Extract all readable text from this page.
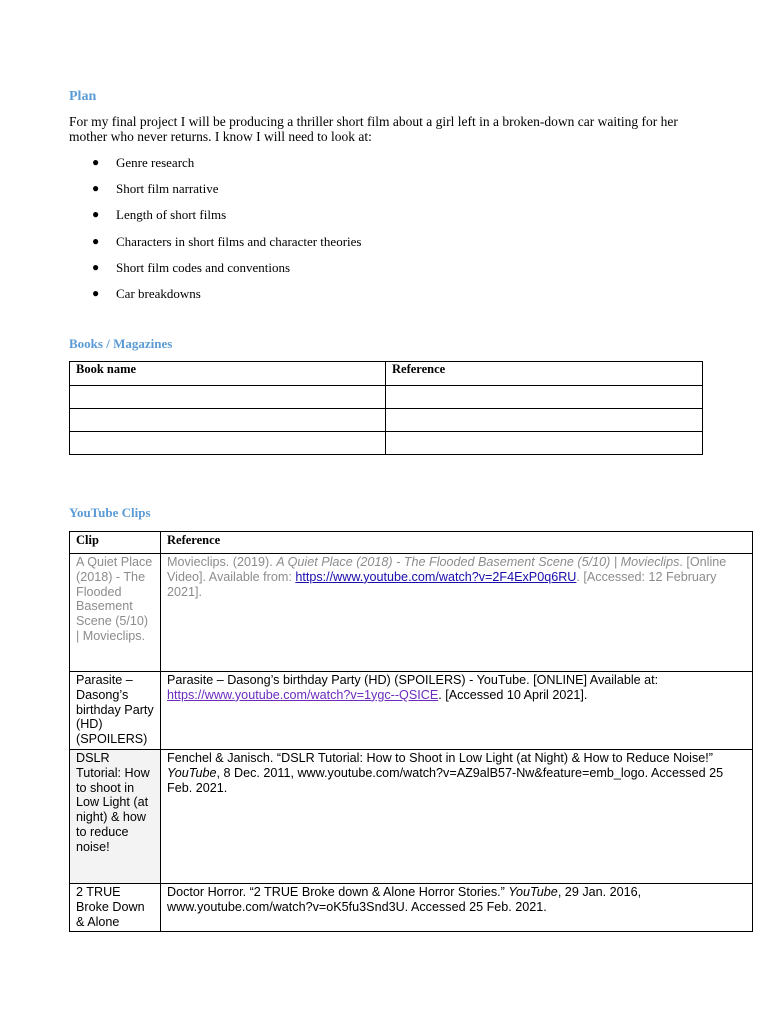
Plan
For my final project I will be producing a thriller short film about a girl left in a broken-down car waiting for her mother who never returns. I know I will need to look at:
●	Genre research
●	Short film narrative
●	Length of short films
●	Characters in short films and character theories
●	Short film codes and conventions
●	Car breakdowns
Books / Magazines
Book name	Reference

YouTube Clips
Clip	Reference
A Quiet Place (2018) - The Flooded Basement Scene (5/10) | Movieclips.	Movieclips. (2019). A Quiet Place (2018) - The Flooded Basement Scene (5/10) | Movieclips. [Online Video]. Available from: https://www.youtube.com/watch?v=2F4ExP0q6RU. [Accessed: 12 February 2021].
Parasite – Dasong’s birthday Party (HD) (SPOILERS)	Parasite – Dasong’s birthday Party (HD) (SPOILERS) - YouTube. [ONLINE] Available at: https://www.youtube.com/watch?v=1ygc--QSICE. [Accessed 10 April 2021].
DSLR Tutorial: How to shoot in Low Light (at night) & how to reduce noise!	Fenchel & Janisch. “DSLR Tutorial: How to Shoot in Low Light (at Night) & How to Reduce Noise!” YouTube, 8 Dec. 2011, www.youtube.com/watch?v=AZ9alB57-Nw&feature=emb_logo. Accessed 25 Feb. 2021.
2 TRUE Broke Down & Alone	Doctor Horror. “2 TRUE Broke down & Alone Horror Stories.” YouTube, 29 Jan. 2016, www.youtube.com/watch?v=oK5fu3Snd3U. Accessed 25 Feb. 2021.
